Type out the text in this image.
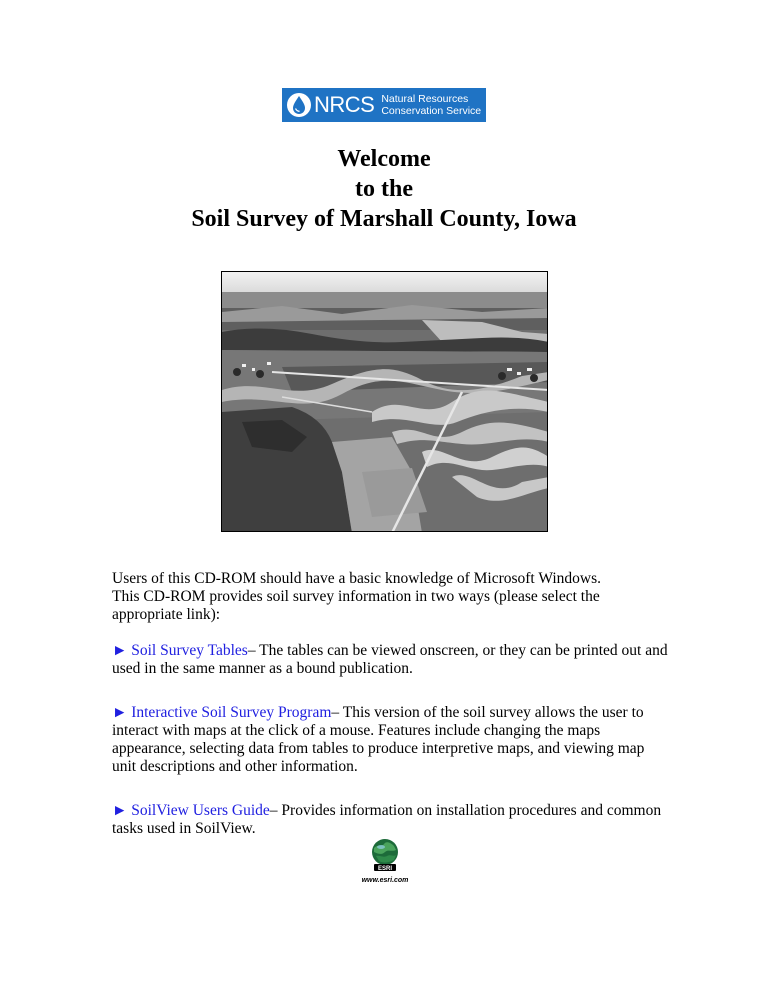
NRCS Natural Resources
Conservation Service
Welcome
to the
Soil Survey of Marshall County, Iowa
Users of this CD-ROM should have a basic knowledge of Microsoft Windows.
This CD-ROM provides soil survey information in two ways (please select the
appropriate link):
► Soil Survey Tables– The tables can be viewed onscreen, or they can be printed out and
used in the same manner as a bound publication.
► Interactive Soil Survey Program– This version of the soil survey allows the user to
interact with maps at the click of a mouse. Features include changing the maps
appearance, selecting data from tables to produce interpretive maps, and viewing map
unit descriptions and other information.
► SoilView Users Guide– Provides information on installation procedures and common
tasks used in SoilView.
ESRI
www.esri.com
